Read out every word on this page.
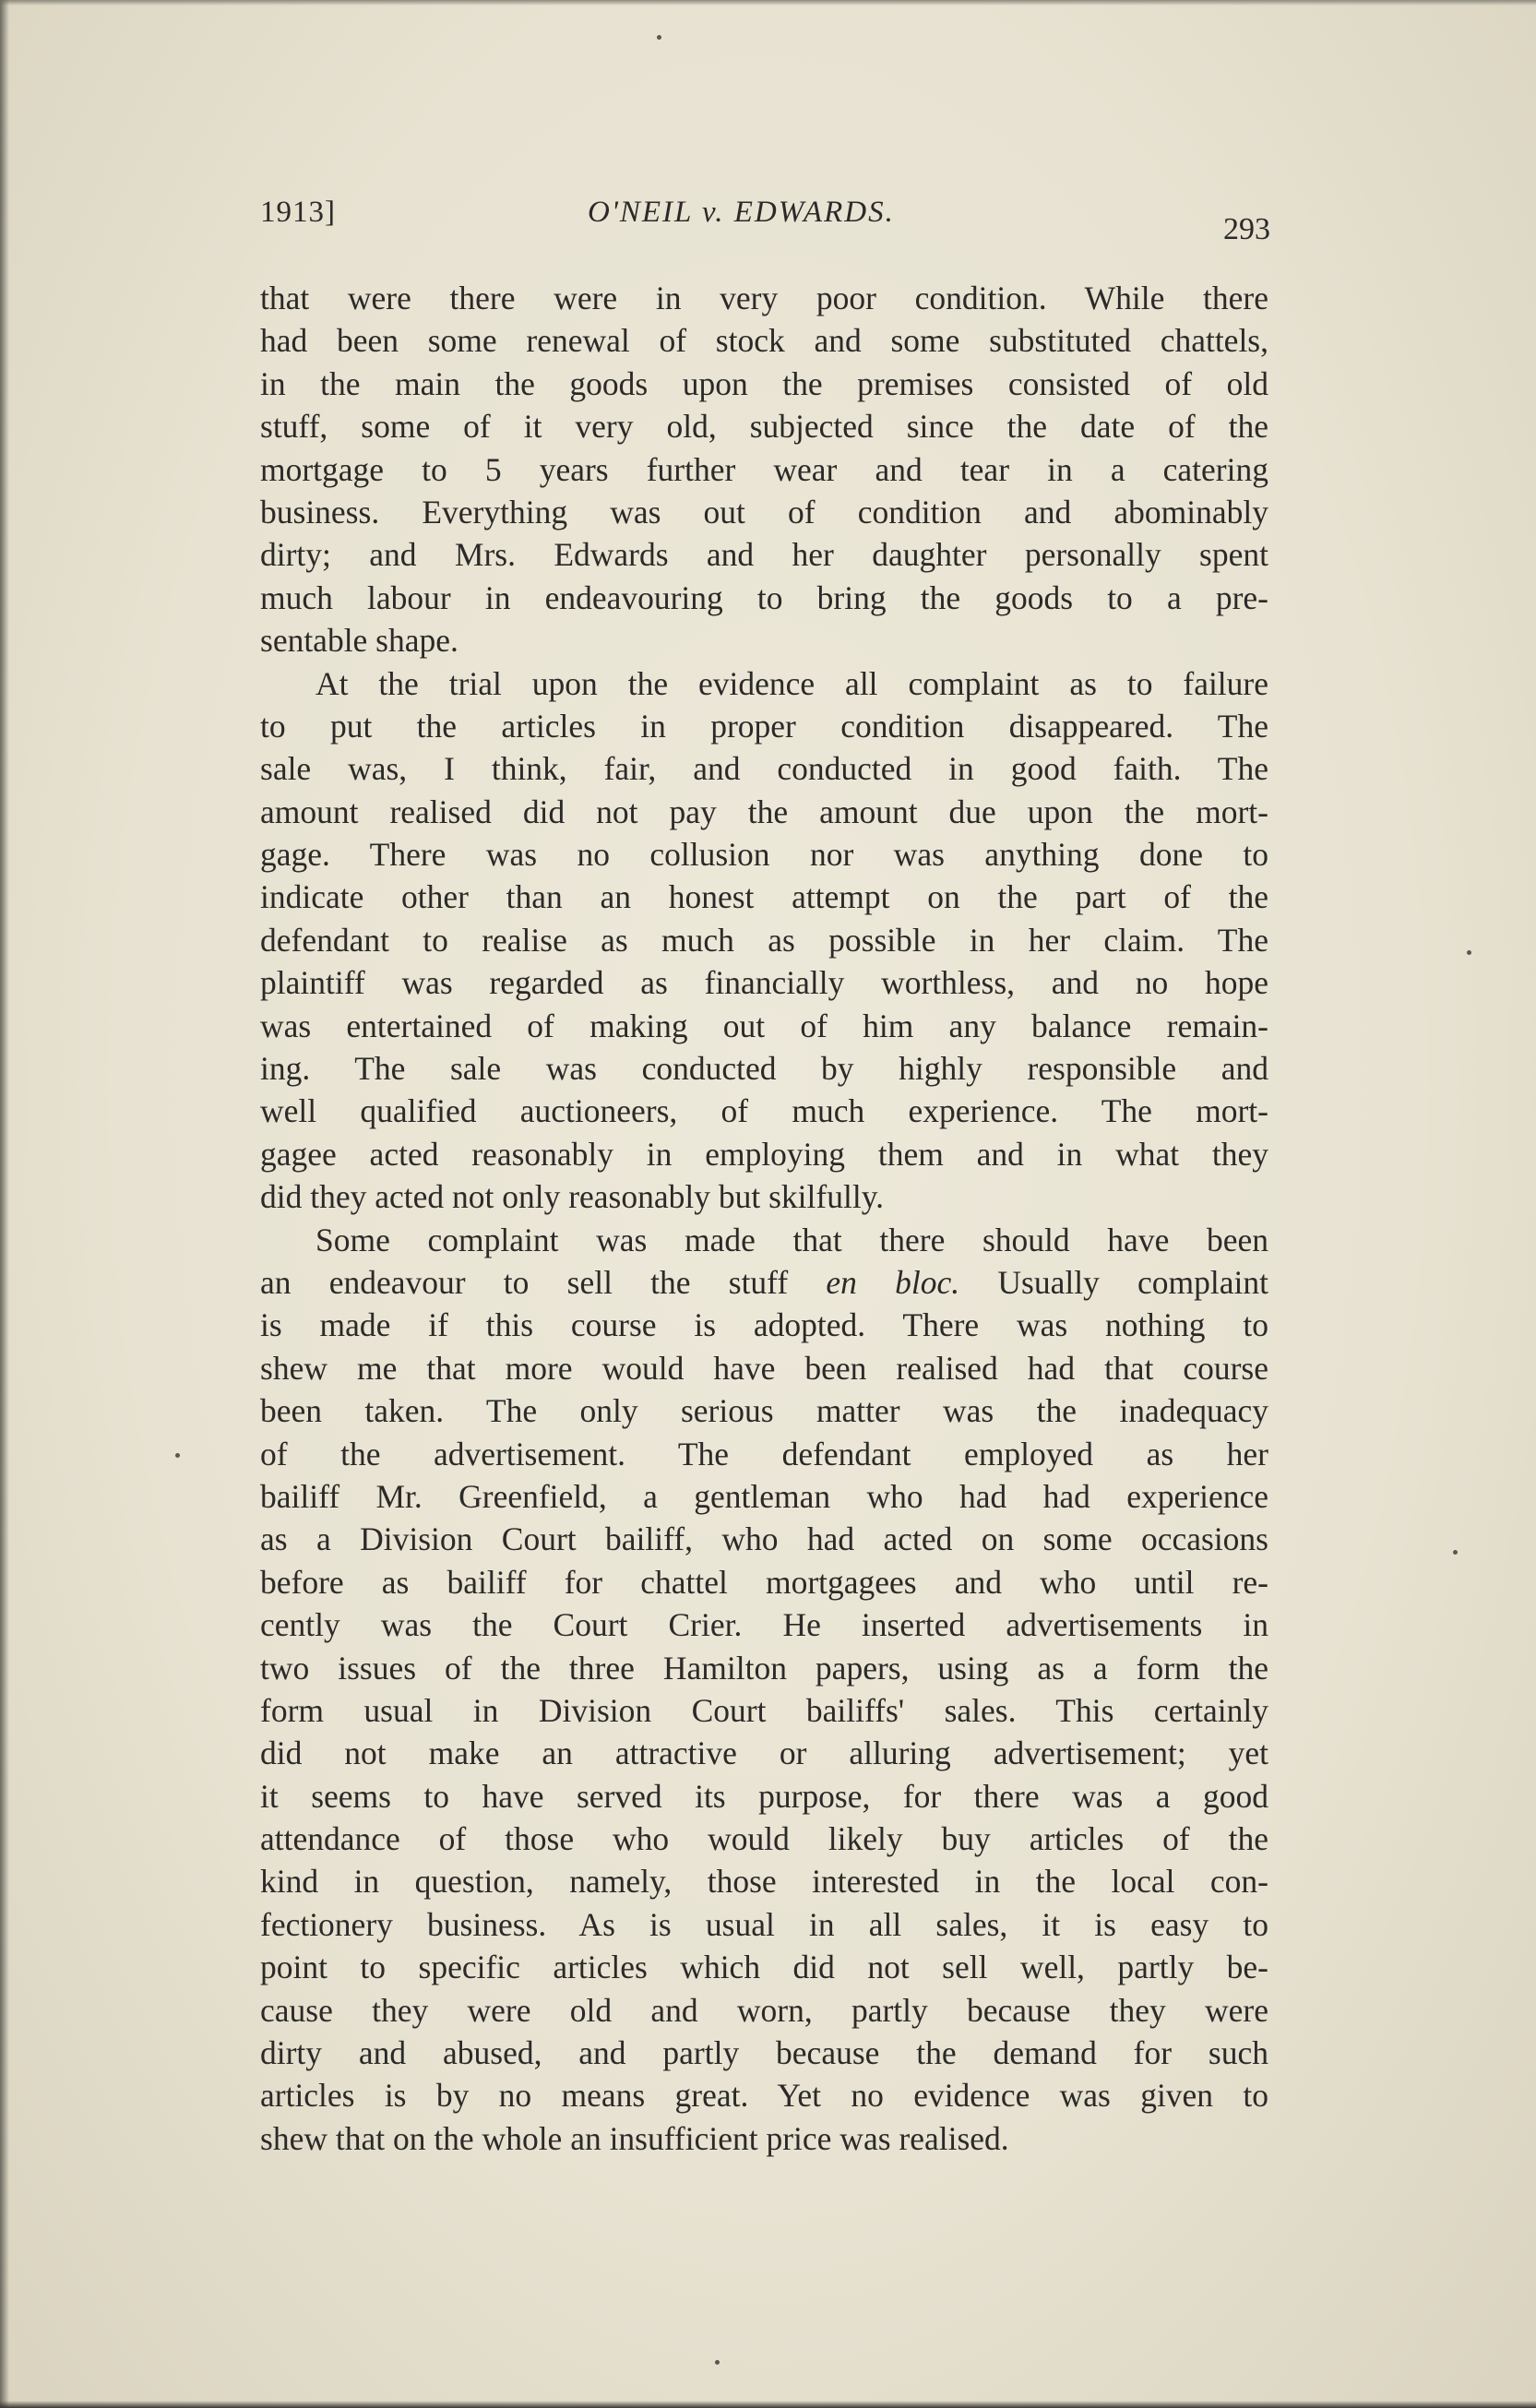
1913]	O'NEIL v. EDWARDS.	293
that were there were in very poor condition. While there
had been some renewal of stock and some substituted chattels,
in the main the goods upon the premises consisted of old
stuff, some of it very old, subjected since the date of the
mortgage to 5 years further wear and tear in a catering
business. Everything was out of condition and abominably
dirty; and Mrs. Edwards and her daughter personally spent
much labour in endeavouring to bring the goods to a pre-
sentable shape.
At the trial upon the evidence all complaint as to failure
to put the articles in proper condition disappeared. The
sale was, I think, fair, and conducted in good faith. The
amount realised did not pay the amount due upon the mort-
gage. There was no collusion nor was anything done to
indicate other than an honest attempt on the part of the
defendant to realise as much as possible in her claim. The
plaintiff was regarded as financially worthless, and no hope
was entertained of making out of him any balance remain-
ing. The sale was conducted by highly responsible and
well qualified auctioneers, of much experience. The mort-
gagee acted reasonably in employing them and in what they
did they acted not only reasonably but skilfully.
Some complaint was made that there should have been
an endeavour to sell the stuff en bloc. Usually complaint
is made if this course is adopted. There was nothing to
shew me that more would have been realised had that course
been taken. The only serious matter was the inadequacy
of the advertisement. The defendant employed as her
bailiff Mr. Greenfield, a gentleman who had had experience
as a Division Court bailiff, who had acted on some occasions
before as bailiff for chattel mortgagees and who until re-
cently was the Court Crier. He inserted advertisements in
two issues of the three Hamilton papers, using as a form the
form usual in Division Court bailiffs' sales. This certainly
did not make an attractive or alluring advertisement; yet
it seems to have served its purpose, for there was a good
attendance of those who would likely buy articles of the
kind in question, namely, those interested in the local con-
fectionery business. As is usual in all sales, it is easy to
point to specific articles which did not sell well, partly be-
cause they were old and worn, partly because they were
dirty and abused, and partly because the demand for such
articles is by no means great. Yet no evidence was given to
shew that on the whole an insufficient price was realised.
